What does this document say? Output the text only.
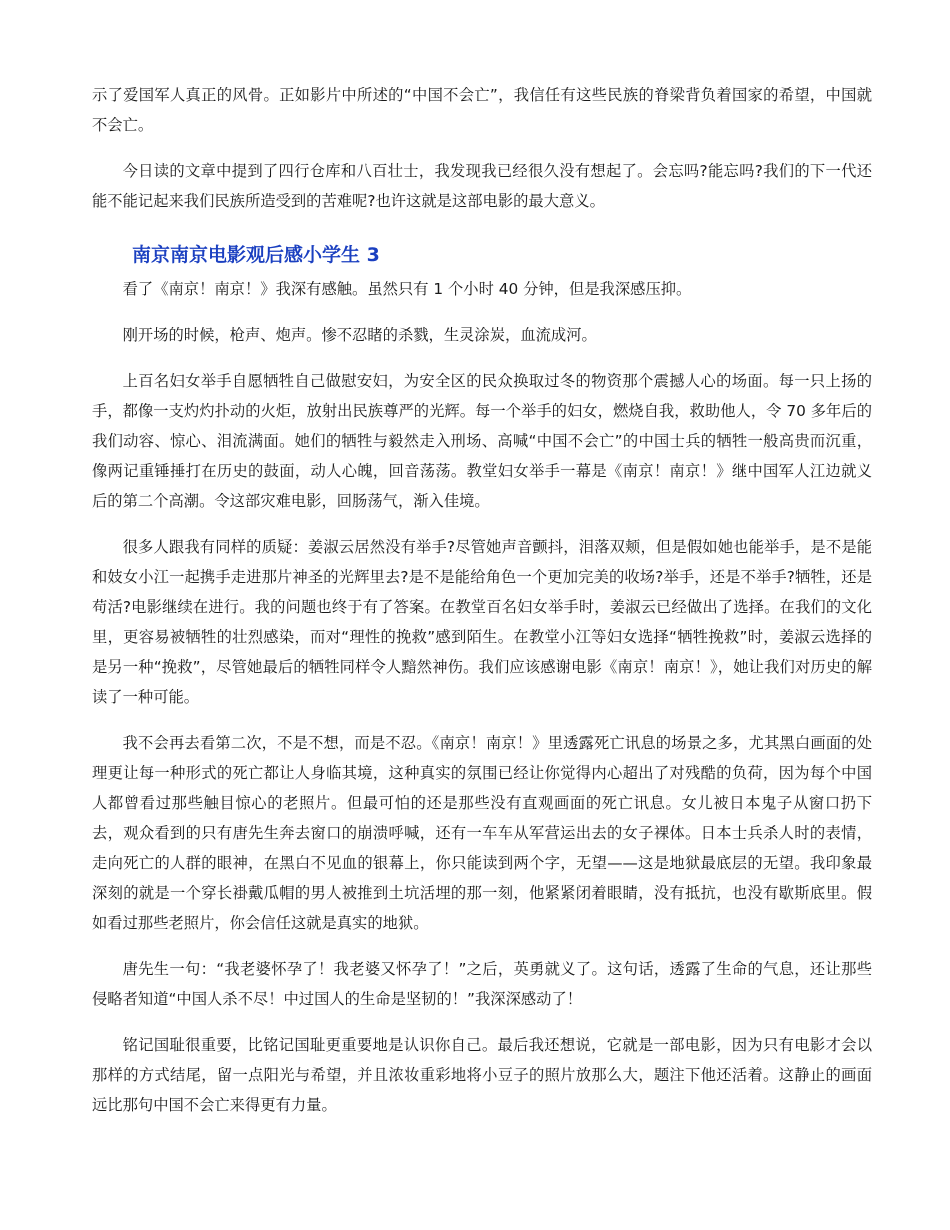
示了爱国军人真正的风骨。正如影片中所述的“中国不会亡”，我信任有这些民族的脊梁背负着国家的希望，中国就不会亡。

今日读的文章中提到了四行仓库和八百壮士，我发现我已经很久没有想起了。会忘吗?能忘吗?我们的下一代还能不能记起来我们民族所造受到的苦难呢?也许这就是这部电影的最大意义。

南京南京电影观后感小学生 3

看了《南京！南京！》我深有感触。虽然只有 1 个小时 40 分钟，但是我深感压抑。

刚开场的时候，枪声、炮声。惨不忍睹的杀戮，生灵涂炭，血流成河。

上百名妇女举手自愿牺牲自己做慰安妇，为安全区的民众换取过冬的物资那个震撼人心的场面。每一只上扬的手，都像一支灼灼扑动的火炬，放射出民族尊严的光辉。每一个举手的妇女，燃烧自我，救助他人，令 70 多年后的我们动容、惊心、泪流满面。她们的牺牲与毅然走入刑场、高喊“中国不会亡”的中国士兵的牺牲一般高贵而沉重，像两记重锤捶打在历史的鼓面，动人心魄，回音荡荡。教堂妇女举手一幕是《南京！南京！》继中国军人江边就义后的第二个高潮。令这部灾难电影，回肠荡气，渐入佳境。

很多人跟我有同样的质疑：姜淑云居然没有举手?尽管她声音颤抖，泪落双颊，但是假如她也能举手，是不是能和妓女小江一起携手走进那片神圣的光辉里去?是不是能给角色一个更加完美的收场?举手，还是不举手?牺牲，还是苟活?电影继续在进行。我的问题也终于有了答案。在教堂百名妇女举手时，姜淑云已经做出了选择。在我们的文化里，更容易被牺牲的壮烈感染，而对“理性的挽救”感到陌生。在教堂小江等妇女选择“牺牲挽救”时，姜淑云选择的是另一种“挽救”，尽管她最后的牺牲同样令人黯然神伤。我们应该感谢电影《南京！南京！》，她让我们对历史的解读了一种可能。

我不会再去看第二次，不是不想，而是不忍。《南京！南京！》里透露死亡讯息的场景之多，尤其黑白画面的处理更让每一种形式的死亡都让人身临其境，这种真实的氛围已经让你觉得内心超出了对残酷的负荷，因为每个中国人都曾看过那些触目惊心的老照片。但最可怕的还是那些没有直观画面的死亡讯息。女儿被日本鬼子从窗口扔下去，观众看到的只有唐先生奔去窗口的崩溃呼喊，还有一车车从军营运出去的女子裸体。日本士兵杀人时的表情，走向死亡的人群的眼神，在黑白不见血的银幕上，你只能读到两个字，无望——这是地狱最底层的无望。我印象最深刻的就是一个穿长褂戴瓜帽的男人被推到土坑活埋的那一刻，他紧紧闭着眼睛，没有抵抗，也没有歇斯底里。假如看过那些老照片，你会信任这就是真实的地狱。

唐先生一句：“我老婆怀孕了！我老婆又怀孕了！”之后，英勇就义了。这句话，透露了生命的气息，还让那些侵略者知道“中国人杀不尽！中过国人的生命是坚韧的！”我深深感动了！

铭记国耻很重要，比铭记国耻更重要地是认识你自己。最后我还想说，它就是一部电影，因为只有电影才会以那样的方式结尾，留一点阳光与希望，并且浓妆重彩地将小豆子的照片放那么大，题注下他还活着。这静止的画面远比那句中国不会亡来得更有力量。
